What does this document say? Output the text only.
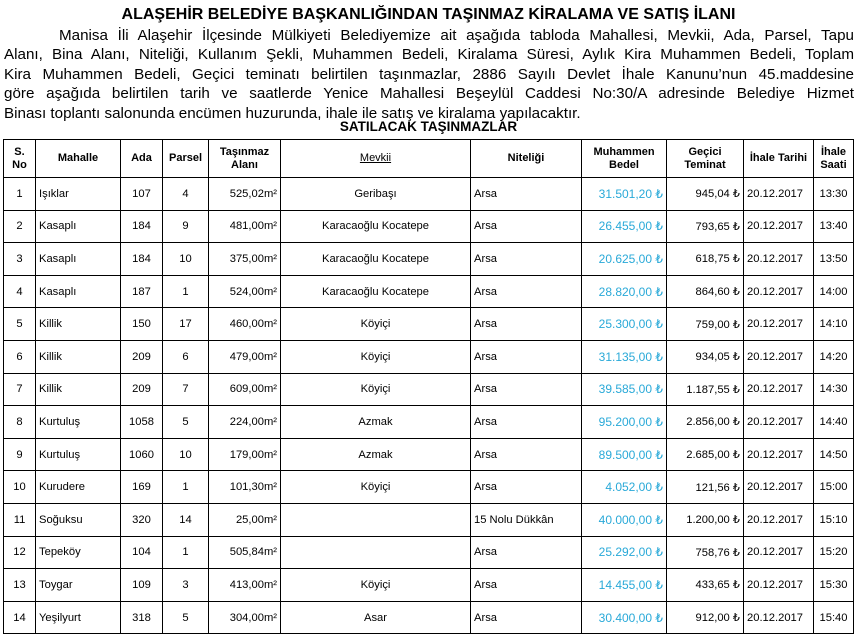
ALAŞEHİR BELEDİYE BAŞKANLIĞINDAN TAŞINMAZ KİRALAMA VE SATIŞ İLANI
Manisa İli Alaşehir İlçesinde Mülkiyeti Belediyemize ait aşağıda tabloda Mahallesi, Mevkii, Ada, Parsel, Tapu
Alanı, Bina Alanı, Niteliği, Kullanım Şekli, Muhammen Bedeli, Kiralama Süresi, Aylık Kira Muhammen Bedeli, Toplam
Kira Muhammen Bedeli, Geçici teminatı belirtilen taşınmazlar, 2886 Sayılı Devlet İhale Kanunu’nun 45.maddesine
göre aşağıda belirtilen tarih ve saatlerde Yenice Mahallesi Beşeylül Caddesi No:30/A adresinde Belediye Hizmet
Binası toplantı salonunda encümen huzurunda, ihale ile satış ve kiralama yapılacaktır.
SATILACAK TAŞINMAZLAR
S. No	Mahalle	Ada	Parsel	Taşınmaz Alanı	Mevkii	Niteliği	Muhammen Bedel	Geçici Teminat	İhale Tarihi	İhale Saati
1	Işıklar	107	4	525,02m²	Geribaşı	Arsa	31.501,20 ₺	945,04 ₺	20.12.2017	13:30
2	Kasaplı	184	9	481,00m²	Karacaoğlu Kocatepe	Arsa	26.455,00 ₺	793,65 ₺	20.12.2017	13:40
3	Kasaplı	184	10	375,00m²	Karacaoğlu Kocatepe	Arsa	20.625,00 ₺	618,75 ₺	20.12.2017	13:50
4	Kasaplı	187	1	524,00m²	Karacaoğlu Kocatepe	Arsa	28.820,00 ₺	864,60 ₺	20.12.2017	14:00
5	Killik	150	17	460,00m²	Köyiçi	Arsa	25.300,00 ₺	759,00 ₺	20.12.2017	14:10
6	Killik	209	6	479,00m²	Köyiçi	Arsa	31.135,00 ₺	934,05 ₺	20.12.2017	14:20
7	Killik	209	7	609,00m²	Köyiçi	Arsa	39.585,00 ₺	1.187,55 ₺	20.12.2017	14:30
8	Kurtuluş	1058	5	224,00m²	Azmak	Arsa	95.200,00 ₺	2.856,00 ₺	20.12.2017	14:40
9	Kurtuluş	1060	10	179,00m²	Azmak	Arsa	89.500,00 ₺	2.685,00 ₺	20.12.2017	14:50
10	Kurudere	169	1	101,30m²	Köyiçi	Arsa	4.052,00 ₺	121,56 ₺	20.12.2017	15:00
11	Soğuksu	320	14	25,00m²		15 Nolu Dükkân	40.000,00 ₺	1.200,00 ₺	20.12.2017	15:10
12	Tepeköy	104	1	505,84m²		Arsa	25.292,00 ₺	758,76 ₺	20.12.2017	15:20
13	Toygar	109	3	413,00m²	Köyiçi	Arsa	14.455,00 ₺	433,65 ₺	20.12.2017	15:30
14	Yeşilyurt	318	5	304,00m²	Asar	Arsa	30.400,00 ₺	912,00 ₺	20.12.2017	15:40
